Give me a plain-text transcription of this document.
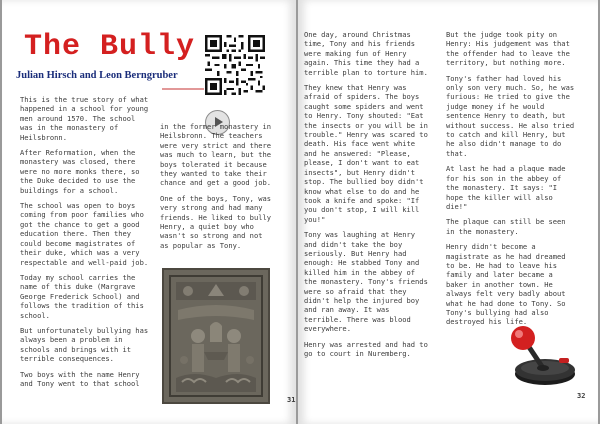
The Bully
Julian Hirsch and Leon Berngruber

This is the true story of what happened in a school for young men around 1570. The school was in the monastery of Heilsbronn.

After Reformation, when the monastery was closed, there were no more monks there, so the Duke decided to use the buildings for a school.

The school was open to boys coming from poor families who got the chance to get a good education there. Then they could become magistrates of their duke, which was a very respectable and well-paid job.

Today my school carries the name of this duke (Margrave George Frederick School) and follows the tradition of this school.

But unfortunately bullying has always been a problem in schools and brings with it terrible consequences.

Two boys with the name Henry and Tony went to that school

in the former monastery in Heilsbronn. The teachers were very strict and there was much to learn, but the boys tolerated it because they wanted to take their chance and get a good job.

One of the boys, Tony, was very strong and had many friends. He liked to bully Henry, a quiet boy who wasn't so strong and not as popular as Tony.

31

One day, around Christmas time, Tony and his friends were making fun of Henry again. This time they had a terrible plan to torture him.

They knew that Henry was afraid of spiders. The boys caught some spiders and went to Henry. Tony shouted: "Eat the insects or you will be in trouble." Henry was scared to death. His face went white and he answered: "Please, please, I don't want to eat insects", but Henry didn't stop. The bullied boy didn't know what else to do and he took a knife and spoke: "If you don't stop, I will kill you!"

Tony was laughing at Henry and didn't take the boy seriously. But Henry had enough: He stabbed Tony and killed him in the abbey of the monastery. Tony's friends were so afraid that they didn't help the injured boy and ran away. It was terrible. There was blood everywhere.

Henry was arrested and had to go to court in Nuremberg.

But the judge took pity on Henry: His judgement was that the offender had to leave the territory, but nothing more.

Tony's father had loved his only son very much. So, he was furious: He tried to give the judge money if he would sentence Henry to death, but without success. He also tried to catch and kill Henry, but he also didn't manage to do that.

At last he had a plaque made for his son in the abbey of the monastery. It says: "I hope the killer will also die!"

The plaque can still be seen in the monastery.

Henry didn't become a magistrate as he had dreamed to be. He had to leave his family and later became a baker in another town. He always felt very badly about what he had done to Tony. So Tony's bullying had also destroyed his life.

32
